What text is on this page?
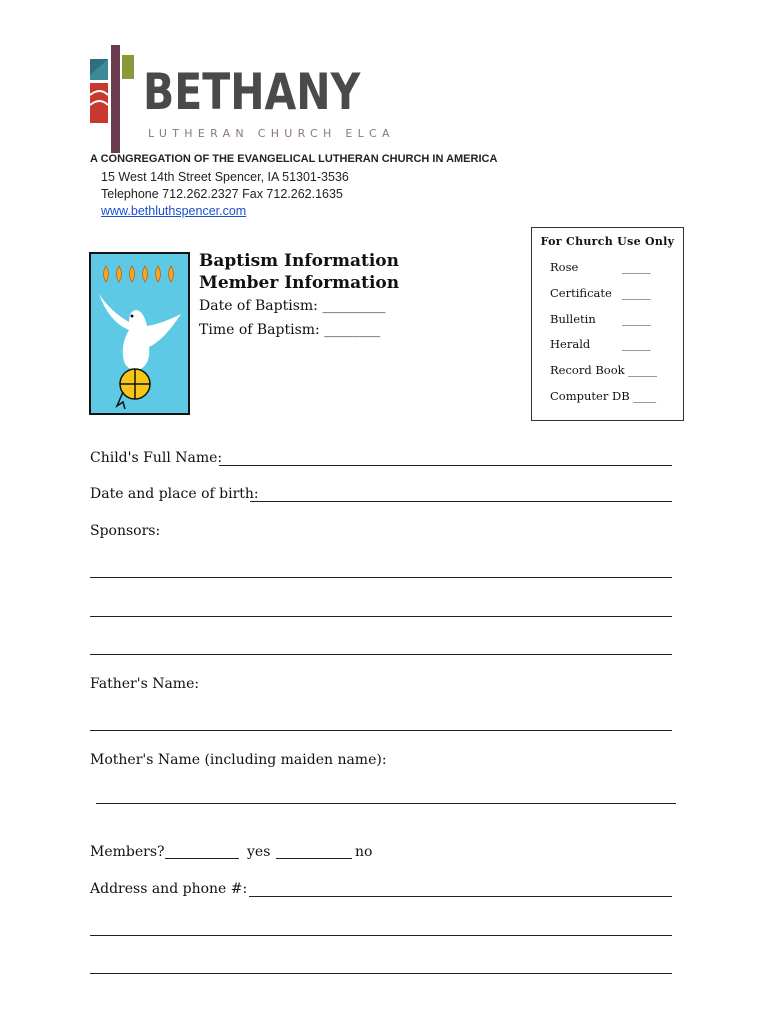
BETHANY
LUTHERAN CHURCH ELCA
A CONGREGATION OF THE EVANGELICAL LUTHERAN CHURCH IN AMERICA
15 West 14th Street Spencer, IA 51301-3536
Telephone 712.262.2327 Fax 712.262.1635
www.bethluthspencer.com
For Church Use Only
Rose	_____
Certificate _____
Bulletin _____
Herald	_____
Record Book _____
Computer DB ____
Baptism Information
Member Information
Date of Baptism: _________
Time of Baptism: ________
Child's Full Name:
Date and place of birth:
Sponsors:
Father's Name:
Mother's Name (including maiden name):
Members?	yes	no
Address and phone #:
